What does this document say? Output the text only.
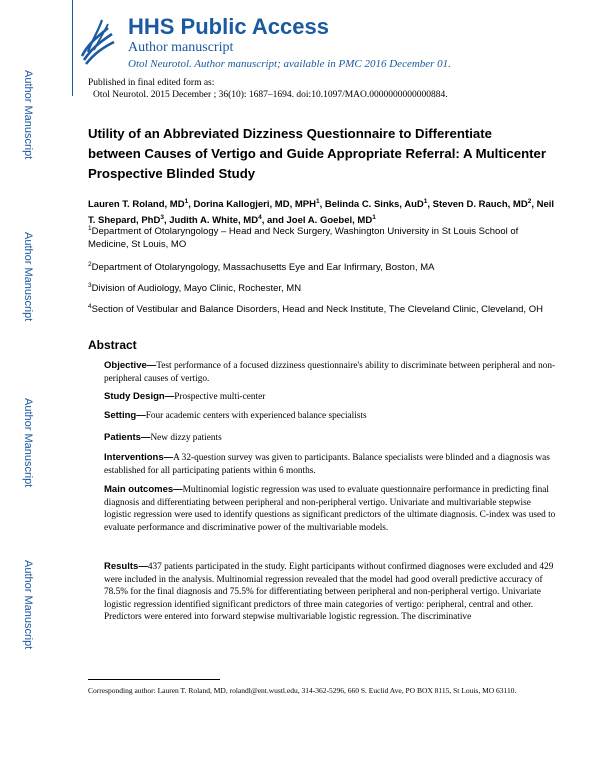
Author Manuscript
Author Manuscript
Author Manuscript
Author Manuscript
HHS Public Access
Author manuscript
Otol Neurotol. Author manuscript; available in PMC 2016 December 01.
Published in final edited form as:
Otol Neurotol. 2015 December ; 36(10): 1687–1694. doi:10.1097/MAO.0000000000000884.
Utility of an Abbreviated Dizziness Questionnaire to Differentiate between Causes of Vertigo and Guide Appropriate Referral: A Multicenter Prospective Blinded Study
Lauren T. Roland, $MD^1$, Dorina Kallogjeri, MD, MPH$^1$, Belinda C. Sinks, AuD$^1$, Steven D. Rauch, $MD^2$, Neil T. Shepard, PhD$^3$, Judith A. White, $MD^4$, and Joel A. Goebel, $MD^1$
$^1$Department of Otolaryngology – Head and Neck Surgery, Washington University in St Louis School of Medicine, St Louis, MO
$^2$Department of Otolaryngology, Massachusetts Eye and Ear Infirmary, Boston, MA
$^3$Division of Audiology, Mayo Clinic, Rochester, MN
$^4$Section of Vestibular and Balance Disorders, Head and Neck Institute, The Cleveland Clinic, Cleveland, OH
Abstract
Objective—Test performance of a focused dizziness questionnaire's ability to discriminate between peripheral and non-peripheral causes of vertigo.
Study Design—Prospective multi-center
Setting—Four academic centers with experienced balance specialists
Patients—New dizzy patients
Interventions—A 32-question survey was given to participants. Balance specialists were blinded and a diagnosis was established for all participating patients within 6 months.
Main outcomes—Multinomial logistic regression was used to evaluate questionnaire performance in predicting final diagnosis and differentiating between peripheral and non-peripheral vertigo. Univariate and multivariable stepwise logistic regression were used to identify questions as significant predictors of the ultimate diagnosis. C-index was used to evaluate performance and discriminative power of the multivariable models.
Results—437 patients participated in the study. Eight participants without confirmed diagnoses were excluded and 429 were included in the analysis. Multinomial regression revealed that the model had good overall predictive accuracy of 78.5% for the final diagnosis and 75.5% for differentiating between peripheral and non-peripheral vertigo. Univariate logistic regression identified significant predictors of three main categories of vertigo: peripheral, central and other. Predictors were entered into forward stepwise multivariable logistic regression. The discriminative
Corresponding author: Lauren T. Roland, MD, rolandl@ent.wustl.edu, 314-362-5296, 660 S. Euclid Ave, PO BOX 8115, St Louis, MO 63110.
